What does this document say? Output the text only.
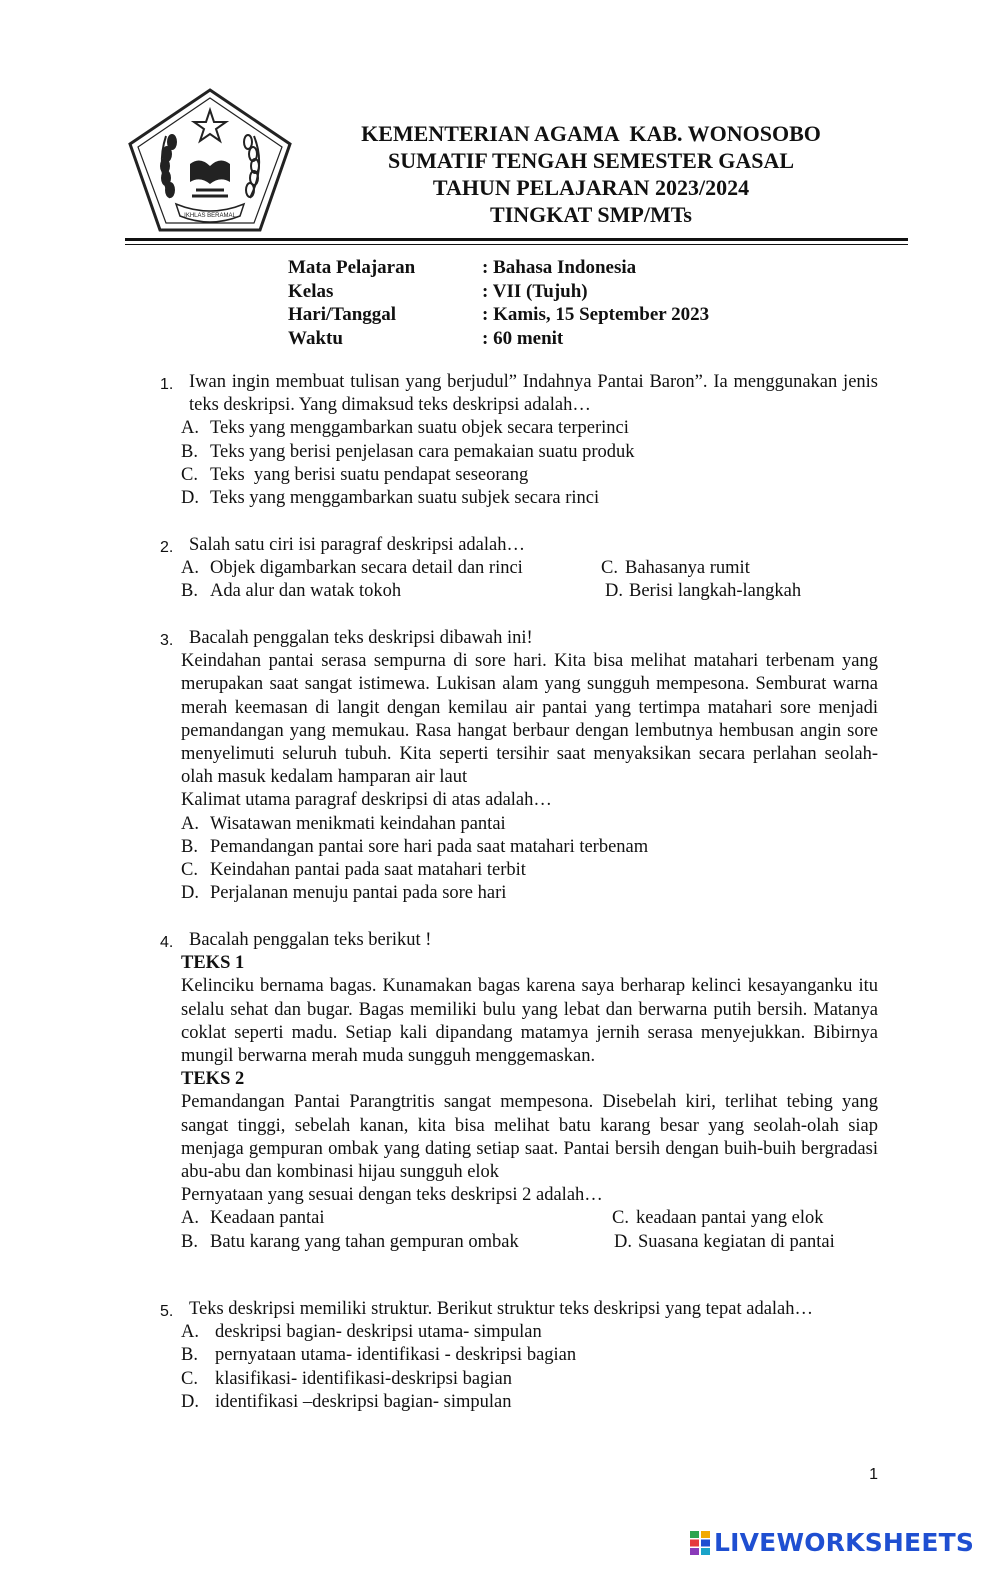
IKHLAS BERAMAL
KEMENTERIAN AGAMA  KAB. WONOSOBO
SUMATIF TENGAH SEMESTER GASAL
TAHUN PELAJARAN 2023/2024
TINGKAT SMP/MTs
Mata Pelajaran	: Bahasa Indonesia
Kelas	: VII (Tujuh)
Hari/Tanggal	: Kamis, 15 September 2023
Waktu	: 60 menit
1. Iwan ingin membuat tulisan yang berjudul” Indahnya Pantai Baron”. Ia menggunakan jenis teks deskripsi. Yang dimaksud teks deskripsi adalah…
A. Teks yang menggambarkan suatu objek secara terperinci
B. Teks yang berisi penjelasan cara pemakaian suatu produk
C. Teks  yang berisi suatu pendapat seseorang
D. Teks yang menggambarkan suatu subjek secara rinci
2. Salah satu ciri isi paragraf deskripsi adalah…
A. Objek digambarkan secara detail dan rinci	C. Bahasanya rumit
B. Ada alur dan watak tokoh	D. Berisi langkah-langkah
3. Bacalah penggalan teks deskripsi dibawah ini!
Keindahan pantai serasa sempurna di sore hari. Kita bisa melihat matahari terbenam yang merupakan saat sangat istimewa. Lukisan alam yang sungguh mempesona. Semburat warna merah keemasan di langit dengan kemilau air pantai yang tertimpa matahari sore menjadi pemandangan yang memukau. Rasa hangat berbaur dengan lembutnya hembusan angin sore menyelimuti seluruh tubuh. Kita seperti tersihir saat menyaksikan secara perlahan seolah- olah masuk kedalam hamparan air laut
Kalimat utama paragraf deskripsi di atas adalah…
A. Wisatawan menikmati keindahan pantai
B. Pemandangan pantai sore hari pada saat matahari terbenam
C. Keindahan pantai pada saat matahari terbit
D. Perjalanan menuju pantai pada sore hari
4. Bacalah penggalan teks berikut !
TEKS 1
Kelinciku bernama bagas. Kunamakan bagas karena saya berharap kelinci kesayanganku itu selalu sehat dan bugar. Bagas memiliki bulu yang lebat dan berwarna putih bersih. Matanya coklat seperti madu. Setiap kali dipandang matamya jernih serasa menyejukkan. Bibirnya mungil berwarna merah muda sungguh menggemaskan.
TEKS 2
Pemandangan Pantai Parangtritis sangat mempesona. Disebelah kiri, terlihat tebing yang sangat tinggi, sebelah kanan, kita bisa melihat batu karang besar yang seolah-olah siap menjaga gempuran ombak yang dating setiap saat. Pantai bersih dengan buih-buih bergradasi abu-abu dan kombinasi hijau sungguh elok
Pernyataan yang sesuai dengan teks deskripsi 2 adalah…
A. Keadaan pantai	C. keadaan pantai yang elok
B. Batu karang yang tahan gempuran ombak	D. Suasana kegiatan di pantai
5. Teks deskripsi memiliki struktur. Berikut struktur teks deskripsi yang tepat adalah…
A. deskripsi bagian- deskripsi utama- simpulan
B. pernyataan utama- identifikasi - deskripsi bagian
C. klasifikasi- identifikasi-deskripsi bagian
D. identifikasi –deskripsi bagian- simpulan
1
LIVEWORKSHEETS
